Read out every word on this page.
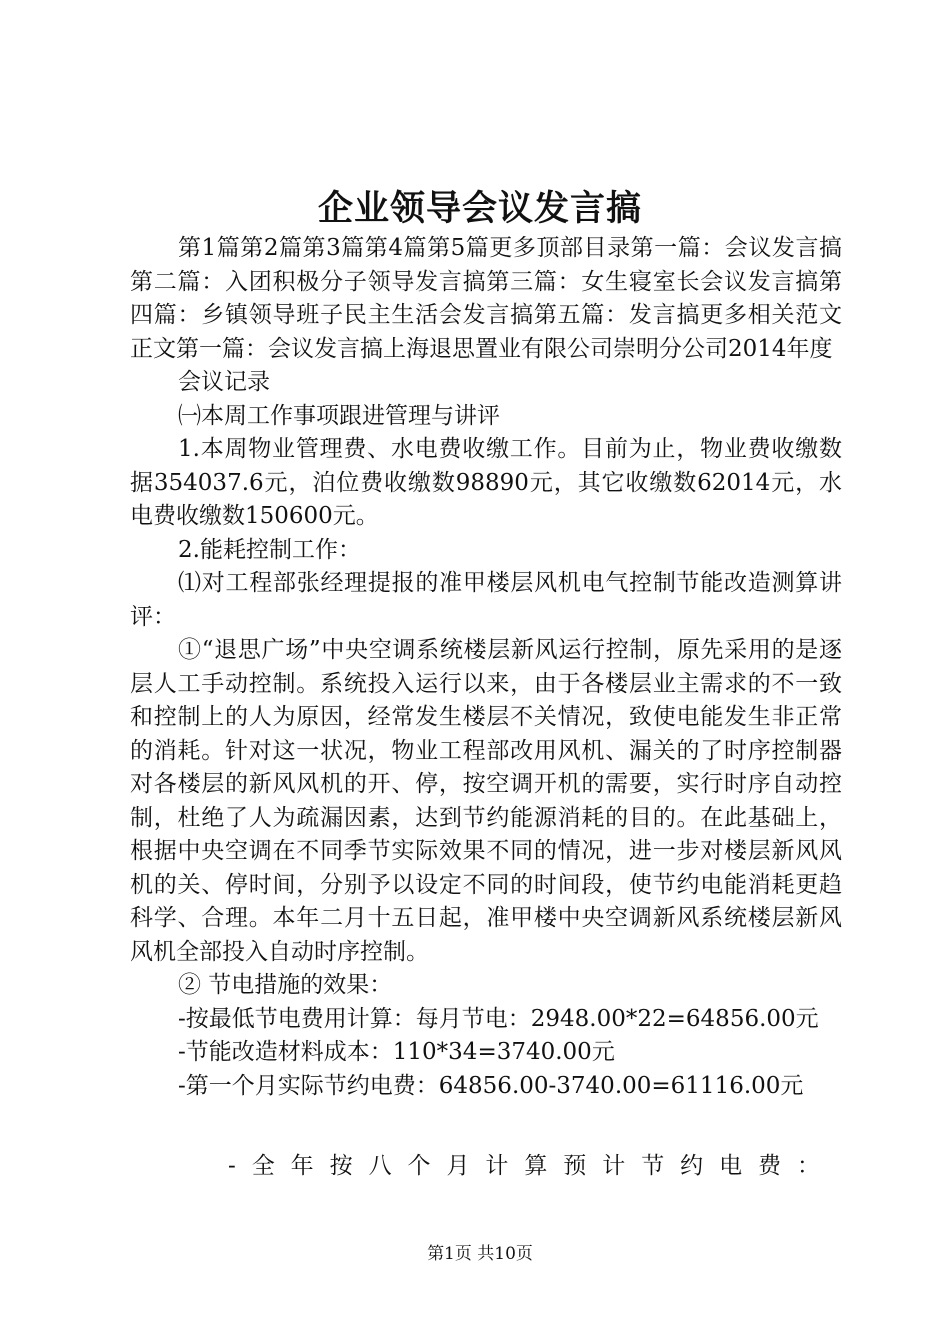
企业领导会议发言搞

第1篇第2篇第3篇第4篇第5篇更多顶部目录第一篇：会议发言搞第二篇：入团积极分子领导发言搞第三篇：女生寝室长会议发言搞第四篇：乡镇领导班子民主生活会发言搞第五篇：发言搞更多相关范文正文第一篇：会议发言搞上海退思置业有限公司崇明分公司2014年度

会议记录

㈠本周工作事项跟进管理与讲评

1.本周物业管理费、水电费收缴工作。目前为止，物业费收缴数据354037.6元，泊位费收缴数98890元，其它收缴数62014元，水电费收缴数150600元。

2.能耗控制工作：

⑴对工程部张经理提报的准甲楼层风机电气控制节能改造测算讲评：

①“退思广场”中央空调系统楼层新风运行控制，原先采用的是逐层人工手动控制。系统投入运行以来，由于各楼层业主需求的不一致和控制上的人为原因，经常发生楼层不关情况，致使电能发生非正常的消耗。针对这一状况，物业工程部改用风机、漏关的了时序控制器对各楼层的新风风机的开、停，按空调开机的需要，实行时序自动控制，杜绝了人为疏漏因素，达到节约能源消耗的目的。在此基础上，根据中央空调在不同季节实际效果不同的情况，进一步对楼层新风风机的关、停时间，分别予以设定不同的时间段，使节约电能消耗更趋科学、合理。本年二月十五日起，准甲楼中央空调新风系统楼层新风风机全部投入自动时序控制。

② 节电措施的效果：

-按最低节电费用计算：每月节电：2948.00*22=64856.00元

-节能改造材料成本：110*34=3740.00元

-第一个月实际节约电费：64856.00-3740.00=61116.00元

-全年按八个月计算预计节约电费：
第1页 共10页
